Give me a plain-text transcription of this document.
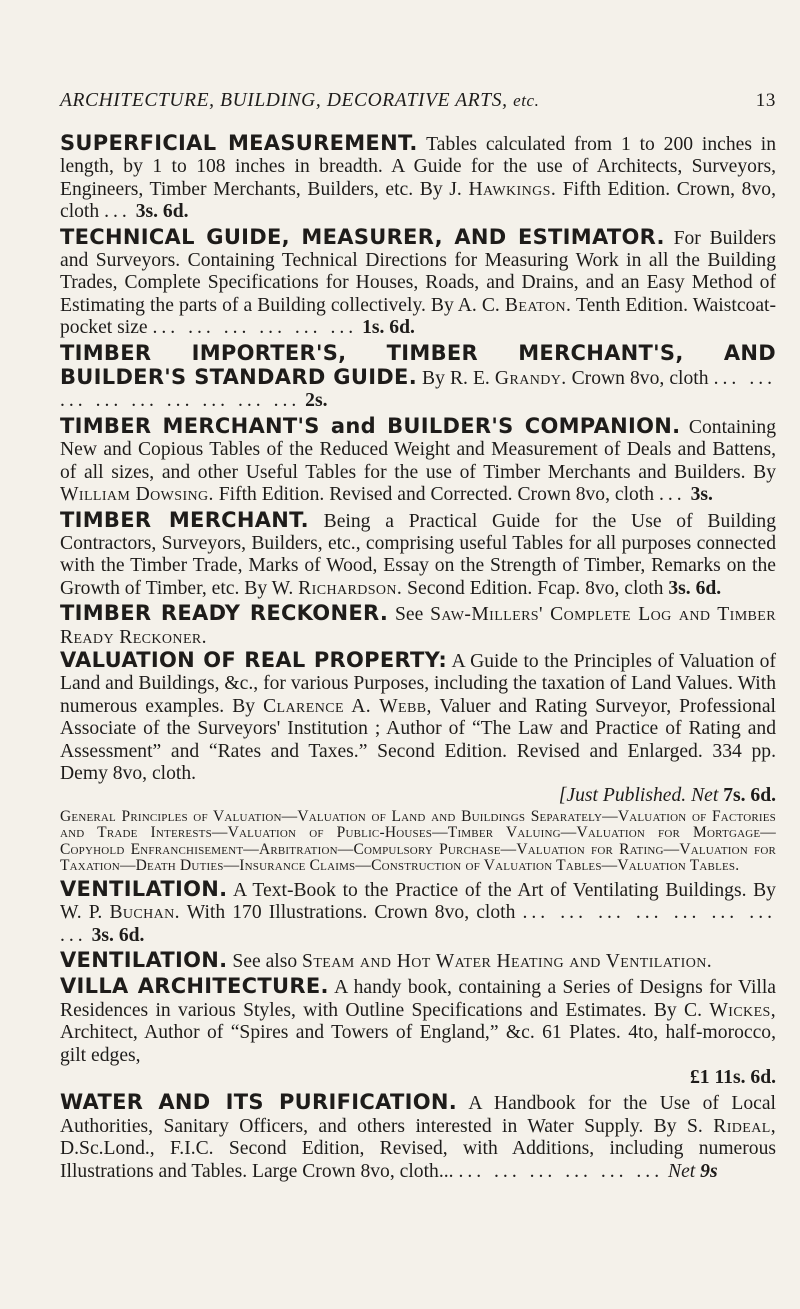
ARCHITECTURE, BUILDING, DECORATIVE ARTS, etc.	13

SUPERFICIAL MEASUREMENT. Tables calculated from 1 to 200 inches in length, by 1 to 108 inches in breadth. A Guide for the use of Architects, Surveyors, Engineers, Timber Merchants, Builders, etc. By J. Hawkings. Fifth Edition. Crown, 8vo, cloth ... 3s. 6d.

TECHNICAL GUIDE, MEASURER, AND ESTIMATOR. For Builders and Surveyors. Containing Technical Directions for Measuring Work in all the Building Trades, Complete Specifications for Houses, Roads, and Drains, and an Easy Method of Estimating the parts of a Building collectively. By A. C. Beaton. Tenth Edition. Waistcoat-pocket size ... ... ... ... ... ... 1s. 6d.

TIMBER IMPORTER'S, TIMBER MERCHANT'S, AND BUILDER'S STANDARD GUIDE. By R. E. Grandy. Crown 8vo, cloth ... ... ... ... ... ... ... ... ... 2s.

TIMBER MERCHANT'S and BUILDER'S COMPANION. Containing New and Copious Tables of the Reduced Weight and Measurement of Deals and Battens, of all sizes, and other Useful Tables for the use of Timber Merchants and Builders. By William Dowsing. Fifth Edition. Revised and Corrected. Crown 8vo, cloth ... 3s.

TIMBER MERCHANT. Being a Practical Guide for the Use of Building Contractors, Surveyors, Builders, etc., comprising useful Tables for all purposes connected with the Timber Trade, Marks of Wood, Essay on the Strength of Timber, Remarks on the Growth of Timber, etc. By W. Richardson. Second Edition. Fcap. 8vo, cloth 3s. 6d.

TIMBER READY RECKONER. See Saw-Millers' Complete Log and Timber Ready Reckoner.

VALUATION OF REAL PROPERTY: A Guide to the Principles of Valuation of Land and Buildings, &c., for various Purposes, including the taxation of Land Values. With numerous examples. By Clarence A. Webb, Valuer and Rating Surveyor, Professional Associate of the Surveyors' Institution ; Author of “The Law and Practice of Rating and Assessment” and “Rates and Taxes.” Second Edition. Revised and Enlarged. 334 pp. Demy 8vo, cloth.
[Just Published. Net 7s. 6d.

General Principles of Valuation—Valuation of Land and Buildings Separately—Valuation of Factories and Trade Interests—Valuation of Public-Houses—Timber Valuing—Valuation for Mortgage—Copyhold Enfranchisement—Arbitration—Compulsory Purchase—Valuation for Rating—Valuation for Taxation—Death Duties—Insurance Claims—Construction of Valuation Tables—Valuation Tables.

VENTILATION. A Text-Book to the Practice of the Art of Ventilating Buildings. By W. P. Buchan. With 170 Illustrations. Crown 8vo, cloth ... ... ... ... ... ... ... ... 3s. 6d.

VENTILATION. See also Steam and Hot Water Heating and Ventilation.

VILLA ARCHITECTURE. A handy book, containing a Series of Designs for Villa Residences in various Styles, with Outline Specifications and Estimates. By C. Wickes, Architect, Author of “Spires and Towers of England,” &c. 61 Plates. 4to, half-morocco, gilt edges,
£1 11s. 6d.

WATER AND ITS PURIFICATION. A Handbook for the Use of Local Authorities, Sanitary Officers, and others interested in Water Supply. By S. Rideal, D.Sc.Lond., F.I.C. Second Edition, Revised, with Additions, including numerous Illustrations and Tables. Large Crown 8vo, cloth... ... ... ... ... ... ... Net 9s
